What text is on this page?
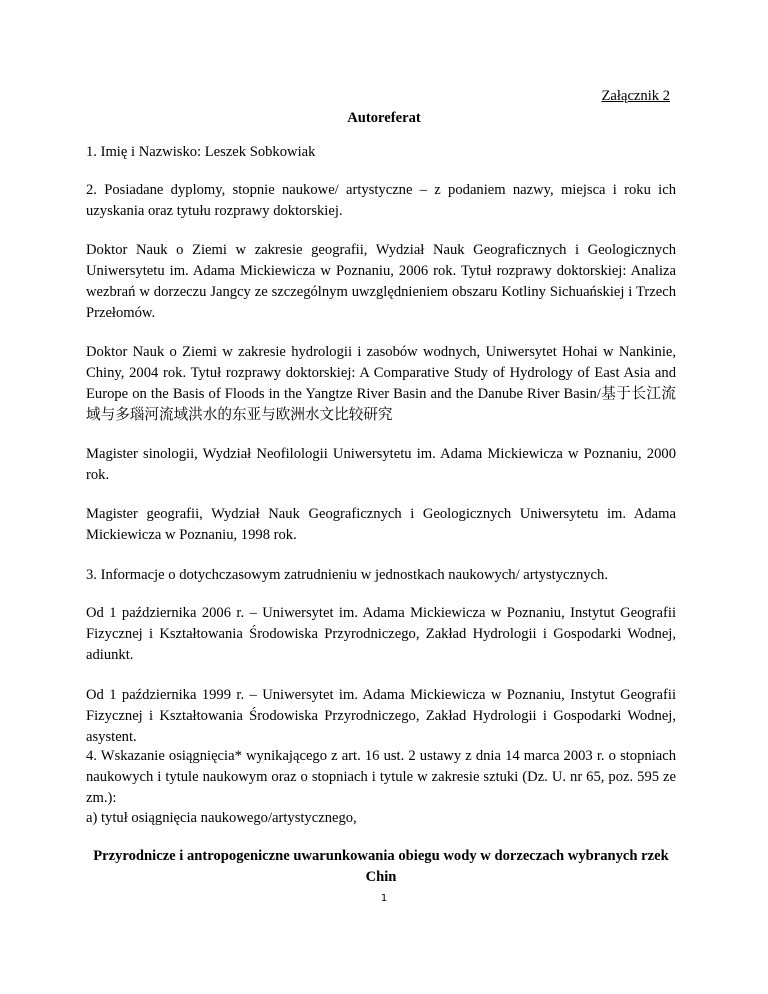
Załącznik 2

Autoreferat

1. Imię i Nazwisko: Leszek Sobkowiak

2. Posiadane dyplomy, stopnie naukowe/ artystyczne – z podaniem nazwy, miejsca i roku ich uzyskania oraz tytułu rozprawy doktorskiej.

Doktor Nauk o Ziemi w zakresie geografii, Wydział Nauk Geograficznych i Geologicznych Uniwersytetu im. Adama Mickiewicza w Poznaniu, 2006 rok. Tytuł rozprawy doktorskiej: Analiza wezbrań w dorzeczu Jangcy ze szczególnym uwzględnieniem obszaru Kotliny Sichuańskiej i Trzech Przełomów.

Doktor Nauk o Ziemi w zakresie hydrologii i zasobów wodnych, Uniwersytet Hohai w Nankinie, Chiny, 2004 rok. Tytuł rozprawy doktorskiej: A Comparative Study of Hydrology of East Asia and Europe on the Basis of Floods in the Yangtze River Basin and the Danube River Basin/基于长江流域与多瑙河流域洪水的东亚与欧洲水文比较研究

Magister sinologii, Wydział Neofilologii Uniwersytetu im. Adama Mickiewicza w Poznaniu, 2000 rok.

Magister geografii, Wydział Nauk Geograficznych i Geologicznych Uniwersytetu im. Adama Mickiewicza w Poznaniu, 1998 rok.

3. Informacje o dotychczasowym zatrudnieniu w jednostkach naukowych/ artystycznych.

Od 1 października 2006 r. – Uniwersytet im. Adama Mickiewicza w Poznaniu, Instytut Geografii Fizycznej i Kształtowania Środowiska Przyrodniczego, Zakład Hydrologii i Gospodarki Wodnej, adiunkt.

Od 1 października 1999 r. – Uniwersytet im. Adama Mickiewicza w Poznaniu, Instytut Geografii Fizycznej i Kształtowania Środowiska Przyrodniczego, Zakład Hydrologii i Gospodarki Wodnej, asystent.

4. Wskazanie osiągnięcia* wynikającego z art. 16 ust. 2 ustawy z dnia 14 marca 2003 r. o stopniach naukowych i tytule naukowym oraz o stopniach i tytule w zakresie sztuki (Dz. U. nr 65, poz. 595 ze zm.):

a) tytuł osiągnięcia naukowego/artystycznego,

Przyrodnicze i antropogeniczne uwarunkowania obiegu wody w dorzeczach wybranych rzek Chin

1
